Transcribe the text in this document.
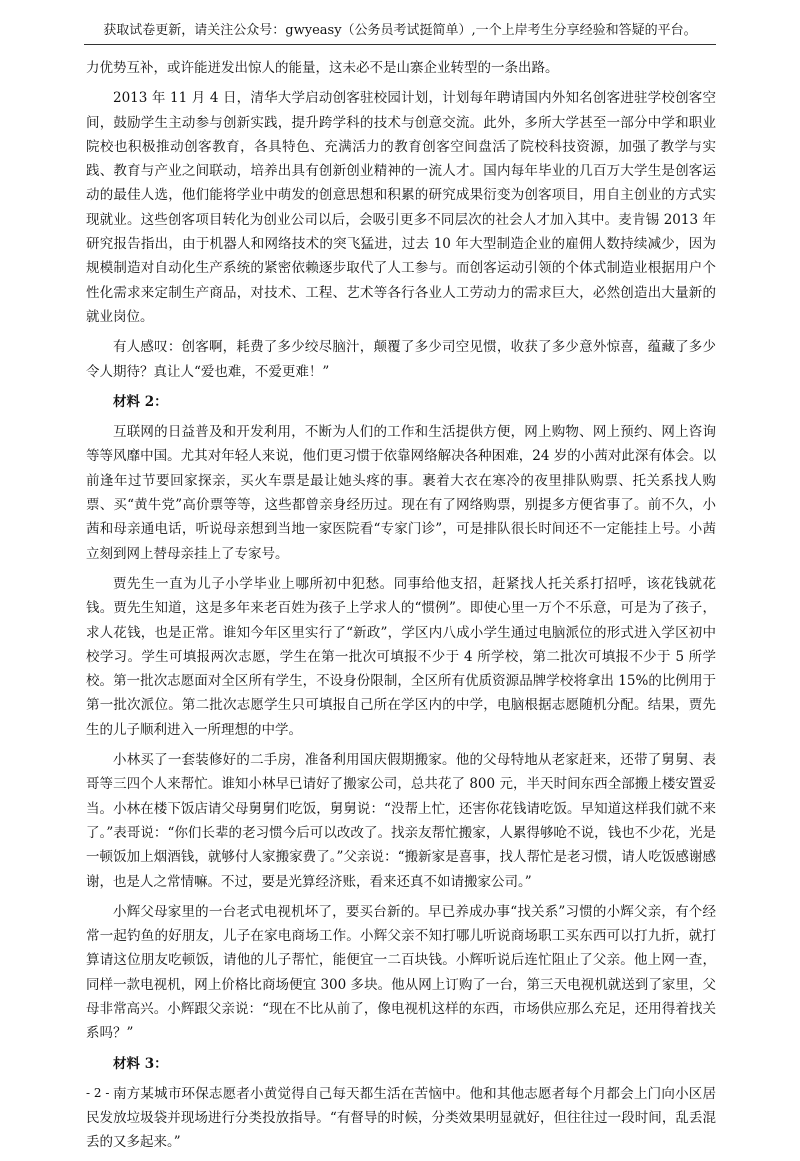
获取试卷更新，请关注公众号：gwyeasy（公务员考试挺简单）,一个上岸考生分享经验和答疑的平台。

力优势互补，或许能迸发出惊人的能量，这未必不是山寨企业转型的一条出路。

2013 年 11 月 4 日，清华大学启动创客驻校园计划，计划每年聘请国内外知名创客进驻学校创客空间，鼓励学生主动参与创新实践，提升跨学科的技术与创意交流。此外，多所大学甚至一部分中学和职业院校也积极推动创客教育，各具特色、充满活力的教育创客空间盘活了院校科技资源，加强了教学与实践、教育与产业之间联动，培养出具有创新创业精神的一流人才。国内每年毕业的几百万大学生是创客运动的最佳人选，他们能将学业中萌发的创意思想和积累的研究成果衍变为创客项目，用自主创业的方式实现就业。这些创客项目转化为创业公司以后，会吸引更多不同层次的社会人才加入其中。麦肯锡 2013 年研究报告指出，由于机器人和网络技术的突飞猛进，过去 10 年大型制造企业的雇佣人数持续减少，因为规模制造对自动化生产系统的紧密依赖逐步取代了人工参与。而创客运动引领的个体式制造业根据用户个性化需求来定制生产商品，对技术、工程、艺术等各行各业人工劳动力的需求巨大，必然创造出大量新的就业岗位。

有人感叹：创客啊，耗费了多少绞尽脑汁，颠覆了多少司空见惯，收获了多少意外惊喜，蕴藏了多少令人期待？真让人“爱也难，不爱更难！”

材料 2：

互联网的日益普及和开发利用，不断为人们的工作和生活提供方便，网上购物、网上预约、网上咨询等等风靡中国。尤其对年轻人来说，他们更习惯于依靠网络解决各种困难，24 岁的小茜对此深有体会。以前逢年过节要回家探亲，买火车票是最让她头疼的事。裹着大衣在寒冷的夜里排队购票、托关系找人购票、买“黄牛党”高价票等等，这些都曾亲身经历过。现在有了网络购票，别提多方便省事了。前不久，小茜和母亲通电话，听说母亲想到当地一家医院看“专家门诊”，可是排队很长时间还不一定能挂上号。小茜立刻到网上替母亲挂上了专家号。

贾先生一直为儿子小学毕业上哪所初中犯愁。同事给他支招，赶紧找人托关系打招呼，该花钱就花钱。贾先生知道，这是多年来老百姓为孩子上学求人的“惯例”。即使心里一万个不乐意，可是为了孩子，求人花钱，也是正常。谁知今年区里实行了“新政”，学区内八成小学生通过电脑派位的形式进入学区初中校学习。学生可填报两次志愿，学生在第一批次可填报不少于 4 所学校，第二批次可填报不少于 5 所学校。第一批次志愿面对全区所有学生，不设身份限制，全区所有优质资源品牌学校将拿出 15%的比例用于第一批次派位。第二批次志愿学生只可填报自己所在学区内的中学，电脑根据志愿随机分配。结果，贾先生的儿子顺利进入一所理想的中学。

小林买了一套装修好的二手房，准备利用国庆假期搬家。他的父母特地从老家赶来，还带了舅舅、表哥等三四个人来帮忙。谁知小林早已请好了搬家公司，总共花了 800 元，半天时间东西全部搬上楼安置妥当。小林在楼下饭店请父母舅舅们吃饭，舅舅说：“没帮上忙，还害你花钱请吃饭。早知道这样我们就不来了。”表哥说：“你们长辈的老习惯今后可以改改了。找亲友帮忙搬家，人累得够呛不说，钱也不少花，光是一顿饭加上烟酒钱，就够付人家搬家费了。”父亲说：“搬新家是喜事，找人帮忙是老习惯，请人吃饭感谢感谢，也是人之常情嘛。不过，要是光算经济账，看来还真不如请搬家公司。”

小辉父母家里的一台老式电视机坏了，要买台新的。早已养成办事“找关系”习惯的小辉父亲，有个经常一起钓鱼的好朋友，儿子在家电商场工作。小辉父亲不知打哪儿听说商场职工买东西可以打九折，就打算请这位朋友吃顿饭，请他的儿子帮忙，能便宜一二百块钱。小辉听说后连忙阻止了父亲。他上网一查，同样一款电视机，网上价格比商场便宜 300 多块。他从网上订购了一台，第三天电视机就送到了家里，父母非常高兴。小辉跟父亲说：“现在不比从前了，像电视机这样的东西，市场供应那么充足，还用得着找关系吗？”

材料 3：

南方某城市环保志愿者小黄觉得自己每天都生活在苦恼中。他和其他志愿者每个月都会上门向小区居民发放垃圾袋并现场进行分类投放指导。“有督导的时候，分类效果明显就好，但往往过一段时间，乱丢混丢的又多起来。”

- 2 -
